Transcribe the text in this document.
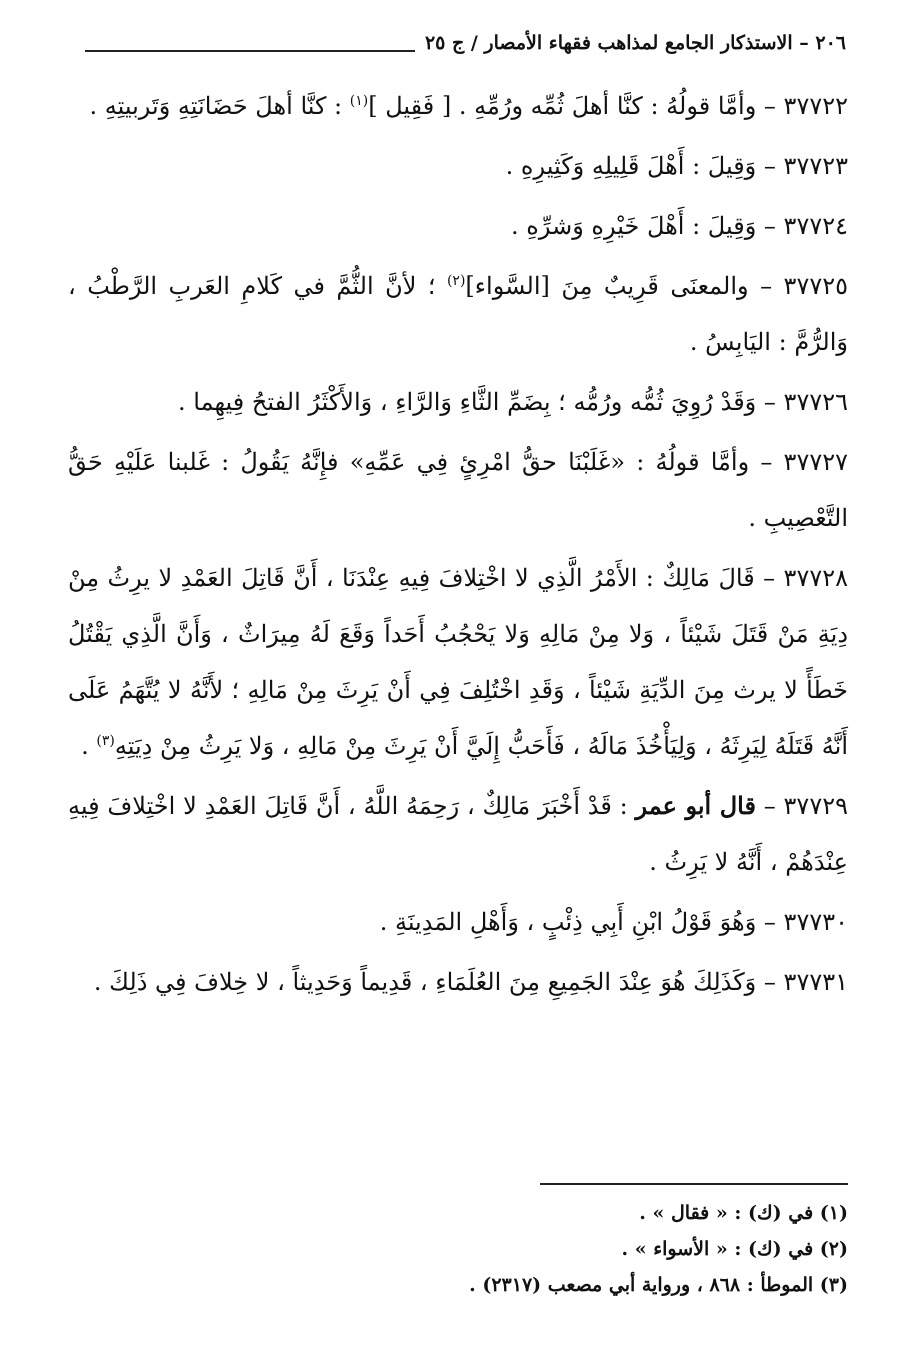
٢٠٦ – الاستذكار الجامع لمذاهب فقهاء الأمصار / ج ٢٥

٣٧٧٢٢ – وأمَّا قولُهُ : كنَّا أهلَ ثُمِّه ورُمِّهِ . [ فَقِيل ]$^{(١)}$ : كنَّا أهلَ حَضَانَتِهِ وَتَربيتِهِ .

٣٧٧٢٣ – وَقِيلَ : أَهْلَ قَلِيلِهِ وَكَثِيرِهِ .

٣٧٧٢٤ – وَقِيلَ : أَهْلَ خَيْرِهِ وَشرِّهِ .

٣٧٧٢٥ – والمعنَى قَرِيبٌ مِنَ [السَّواء]$^{(٢)}$ ؛ لأنَّ الثُّمَّ في كَلامِ العَربِ الرَّطْبُ ، وَالرُّمَّ : اليَابِسُ .

٣٧٧٢٦ – وَقَدْ رُوِيَ ثُمُّه ورُمُّه ؛ بِضَمِّ الثَّاءِ وَالرَّاءِ ، وَالأَكْثَرُ الفتحُ فِيهِما .

٣٧٧٢٧ – وأمَّا قولُهُ : «غَلَبْنَا حقُّ امْرِئٍ فِي عَمِّهِ» فإِنَّهُ يَقُولُ : غَلبنا عَلَيْهِ حَقُّ التَّعْصِيبِ .

٣٧٧٢٨ – قَالَ مَالِكٌ : الأَمْرُ الَّذِي لا اخْتِلافَ فِيهِ عِنْدَنَا ، أَنَّ قَاتِلَ العَمْدِ لا يرِثُ مِنْ دِيَةِ مَنْ قَتَلَ شَيْئاً ، وَلا مِنْ مَالِهِ وَلا يَحْجُبُ أَحَداً وَقَعَ لَهُ مِيرَاثٌ ، وَأَنَّ الَّذِي يَقْتُلُ خَطَأً لا يرث مِنَ الدِّيَةِ شَيْئاً ، وَقَدِ اخْتُلِفَ فِي أَنْ يَرِثَ مِنْ مَالِهِ ؛ لأَنَّهُ لا يُتَّهَمُ عَلَى أَنَّهُ قَتَلَهُ لِيَرِثَهُ ، وَلِيَأْخُذَ مَالَهُ ، فَأَحَبُّ إِلَيَّ أَنْ يَرِثَ مِنْ مَالِهِ ، وَلا يَرِثُ مِنْ دِيَتِهِ$^{(٣)}$ .

٣٧٧٢٩ – قال أبو عمر : قَدْ أَخْبَرَ مَالِكٌ ، رَحِمَهُ اللَّهُ ، أَنَّ قَاتِلَ العَمْدِ لا اخْتِلافَ فِيهِ عِنْدَهُمْ ، أَنَّهُ لا يَرِثُ .

٣٧٧٣٠ – وَهُوَ قَوْلُ ابْنِ أَبِي ذِئْبٍ ، وَأَهْلِ المَدِينَةِ .

٣٧٧٣١ – وَكَذَلِكَ هُوَ عِنْدَ الجَمِيعِ مِنَ العُلَمَاءِ ، قَدِيماً وَحَدِيثاً ، لا خِلافَ فِي ذَلِكَ .

(١) في (ك) : « فقال » .

(٢) في (ك) : « الأسواء » .

(٣) الموطأ : ٨٦٨ ، ورواية أبي مصعب (٢٣١٧) .
